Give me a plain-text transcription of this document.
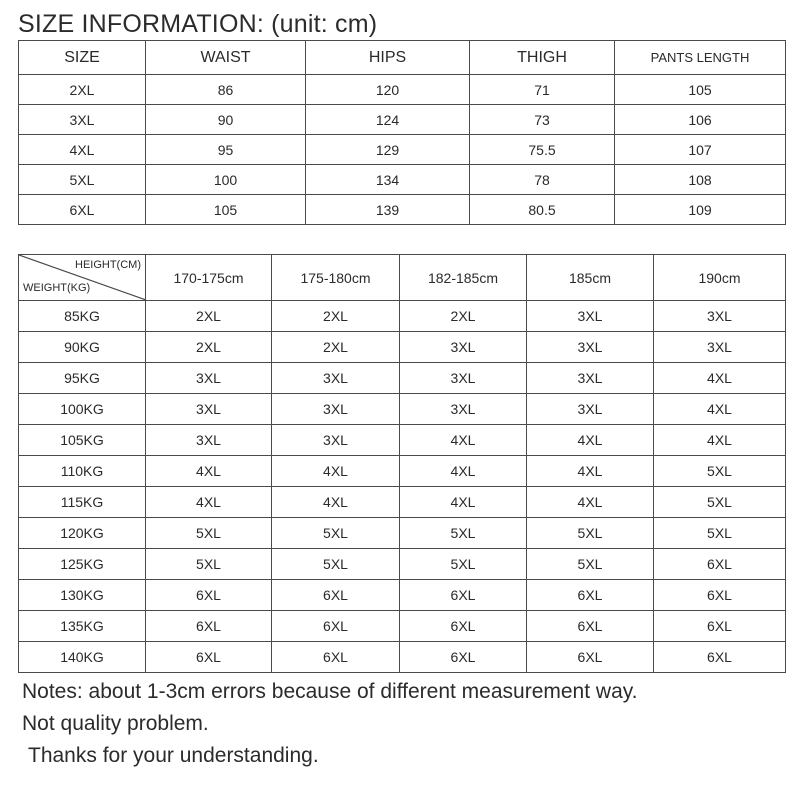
SIZE INFORMATION: (unit: cm)
SIZE	WAIST	HIPS	THIGH	PANTS LENGTH
2XL	86	120	71	105
3XL	90	124	73	106
4XL	95	129	75.5	107
5XL	100	134	78	108
6XL	105	139	80.5	109
HEIGHT(CM)
WEIGHT(KG)	170-175cm	175-180cm	182-185cm	185cm	190cm
85KG	2XL	2XL	2XL	3XL	3XL
90KG	2XL	2XL	3XL	3XL	3XL
95KG	3XL	3XL	3XL	3XL	4XL
100KG	3XL	3XL	3XL	3XL	4XL
105KG	3XL	3XL	4XL	4XL	4XL
110KG	4XL	4XL	4XL	4XL	5XL
115KG	4XL	4XL	4XL	4XL	5XL
120KG	5XL	5XL	5XL	5XL	5XL
125KG	5XL	5XL	5XL	5XL	6XL
130KG	6XL	6XL	6XL	6XL	6XL
135KG	6XL	6XL	6XL	6XL	6XL
140KG	6XL	6XL	6XL	6XL	6XL
Notes: about 1-3cm errors because of different measurement way.
Not quality problem.
Thanks for your understanding.
